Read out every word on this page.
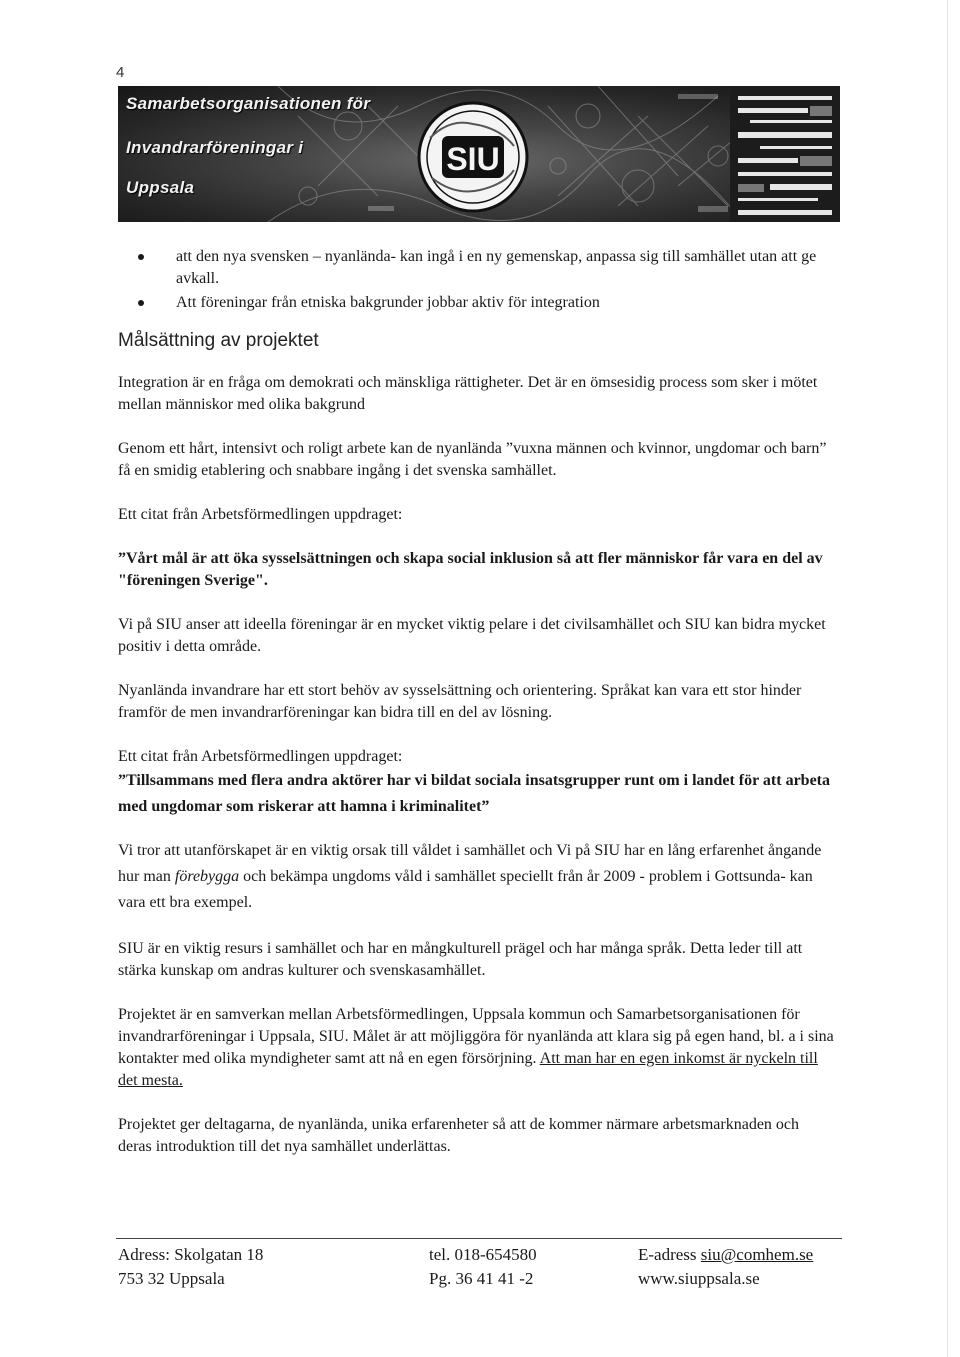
4
Samarbetsorganisationen för
Invandrarföreningar i
Uppsala
SIU
att den nya svensken – nyanlända- kan ingå i en ny gemenskap, anpassa sig till samhället utan att ge avkall.
Att föreningar från etniska bakgrunder jobbar aktiv för integration
Målsättning av projektet

Integration är en fråga om demokrati och mänskliga rättigheter. Det är en ömsesidig process som sker i mötet mellan människor med olika bakgrund

Genom ett hårt, intensivt och roligt arbete kan de nyanlända ”vuxna männen och kvinnor, ungdomar och barn” få en smidig etablering och snabbare ingång i det svenska samhället.

Ett citat från Arbetsförmedlingen uppdraget:

”Vårt mål är att öka sysselsättningen och skapa social inklusion så att fler människor får vara en del av "föreningen Sverige".

Vi på SIU anser att ideella föreningar är en mycket viktig pelare i det civilsamhället och SIU kan bidra mycket positiv i detta område.

Nyanlända invandrare har ett stort behöv av sysselsättning och orientering. Språkat kan vara ett stor hinder framför de men invandrarföreningar kan bidra till en del av lösning.

Ett citat från Arbetsförmedlingen uppdraget:

”Tillsammans med flera andra aktörer har vi bildat sociala insatsgrupper runt om i landet för att arbeta med ungdomar som riskerar att hamna i kriminalitet”

Vi tror att utanförskapet är en viktig orsak till våldet i samhället och Vi på SIU har en lång erfarenhet ångande hur man förebygga och bekämpa ungdoms våld i samhället speciellt från år 2009 - problem i Gottsunda- kan vara ett bra exempel.

SIU är en viktig resurs i samhället och har en mångkulturell prägel och har många språk. Detta leder till att stärka kunskap om andras kulturer och svenskasamhället.

Projektet är en samverkan mellan Arbetsförmedlingen, Uppsala kommun och Samarbetsorganisationen för invandrarföreningar i Uppsala, SIU. Målet är att möjliggöra för nyanlända att klara sig på egen hand, bl. a i sina kontakter med olika myndigheter samt att nå en egen försörjning. Att man har en egen inkomst är nyckeln till det mesta.

Projektet ger deltagarna, de nyanlända, unika erfarenheter så att de kommer närmare arbetsmarknaden och deras introduktion till det nya samhället underlättas.

Adress: Skolgatan 18
753 32 Uppsala
tel. 018-654580
Pg. 36 41 41 -2
E-adress siu@comhem.se
www.siuppsala.se
